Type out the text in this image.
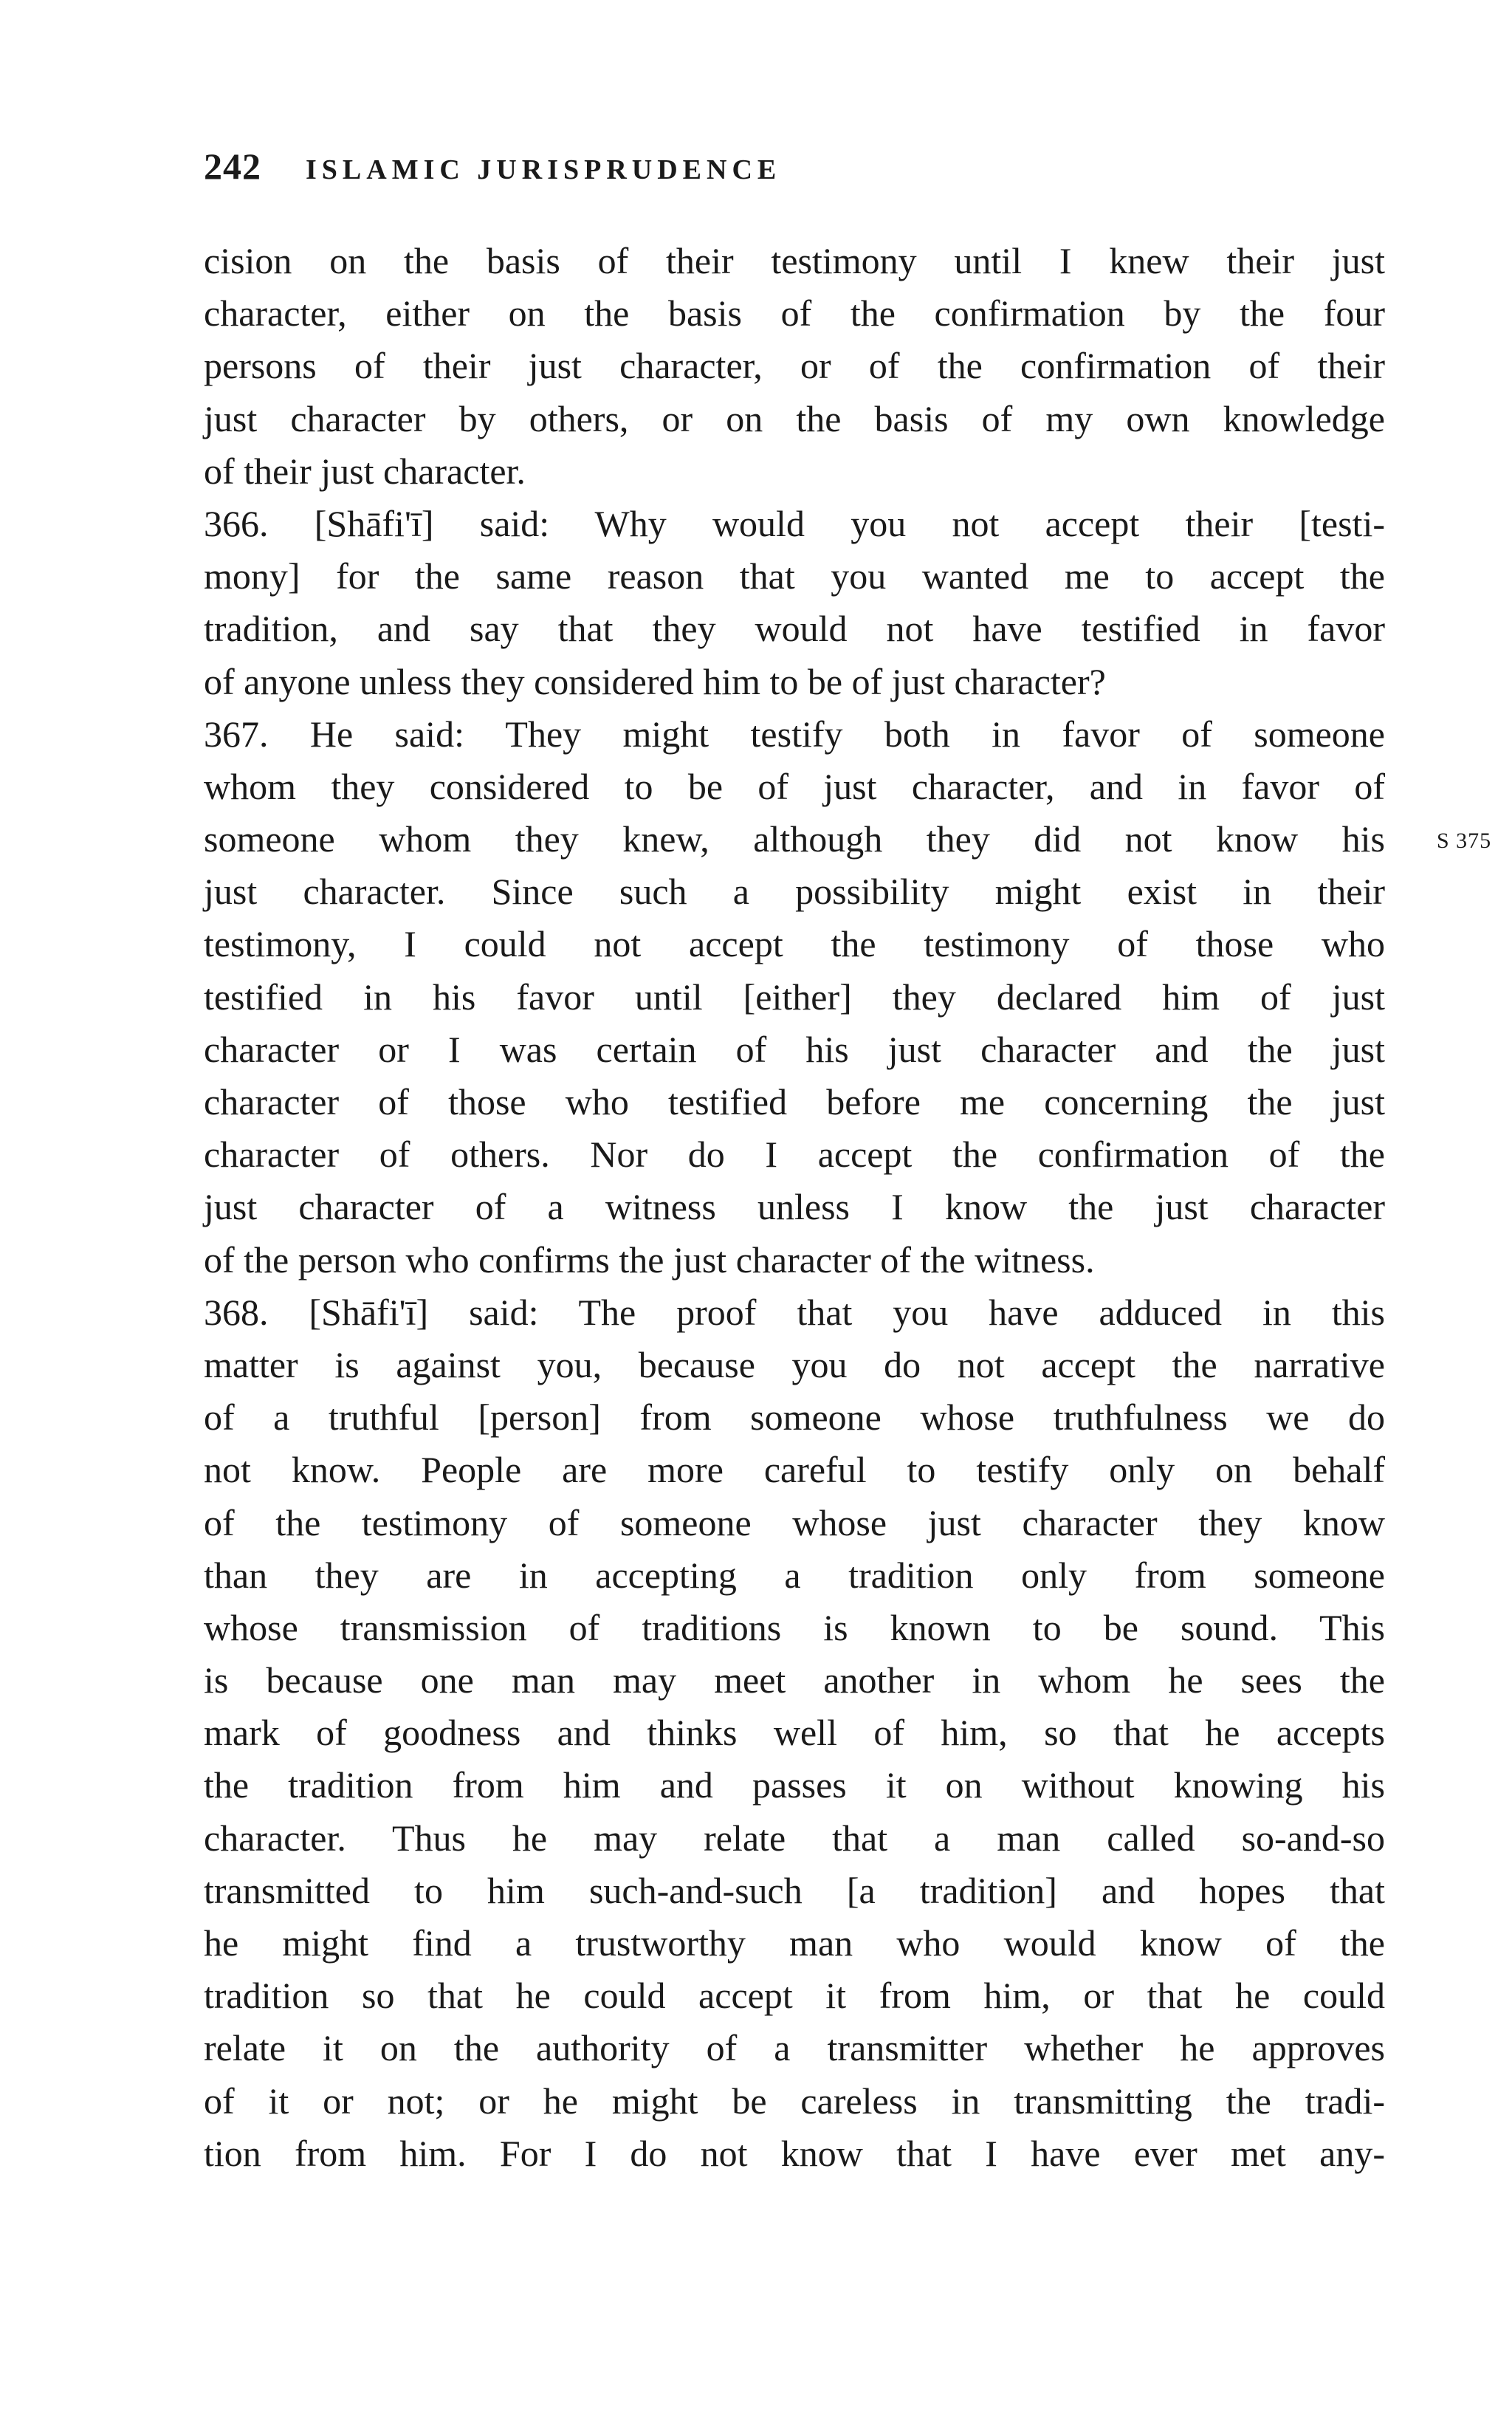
242 ISLAMIC JURISPRUDENCE
S 375
cision on the basis of their testimony until I knew their just
character, either on the basis of the confirmation by the four
persons of their just character, or of the confirmation of their
just character by others, or on the basis of my own knowledge
of their just character.
366. [Shāfi'ī] said: Why would you not accept their [testi-
mony] for the same reason that you wanted me to accept the
tradition, and say that they would not have testified in favor
of anyone unless they considered him to be of just character?
367. He said: They might testify both in favor of someone
whom they considered to be of just character, and in favor of
someone whom they knew, although they did not know his
just character. Since such a possibility might exist in their
testimony, I could not accept the testimony of those who
testified in his favor until [either] they declared him of just
character or I was certain of his just character and the just
character of those who testified before me concerning the just
character of others. Nor do I accept the confirmation of the
just character of a witness unless I know the just character
of the person who confirms the just character of the witness.
368. [Shāfi'ī] said: The proof that you have adduced in this
matter is against you, because you do not accept the narrative
of a truthful [person] from someone whose truthfulness we do
not know. People are more careful to testify only on behalf
of the testimony of someone whose just character they know
than they are in accepting a tradition only from someone
whose transmission of traditions is known to be sound. This
is because one man may meet another in whom he sees the
mark of goodness and thinks well of him, so that he accepts
the tradition from him and passes it on without knowing his
character. Thus he may relate that a man called so-and-so
transmitted to him such-and-such [a tradition] and hopes that
he might find a trustworthy man who would know of the
tradition so that he could accept it from him, or that he could
relate it on the authority of a transmitter whether he approves
of it or not; or he might be careless in transmitting the tradi-
tion from him. For I do not know that I have ever met any-
